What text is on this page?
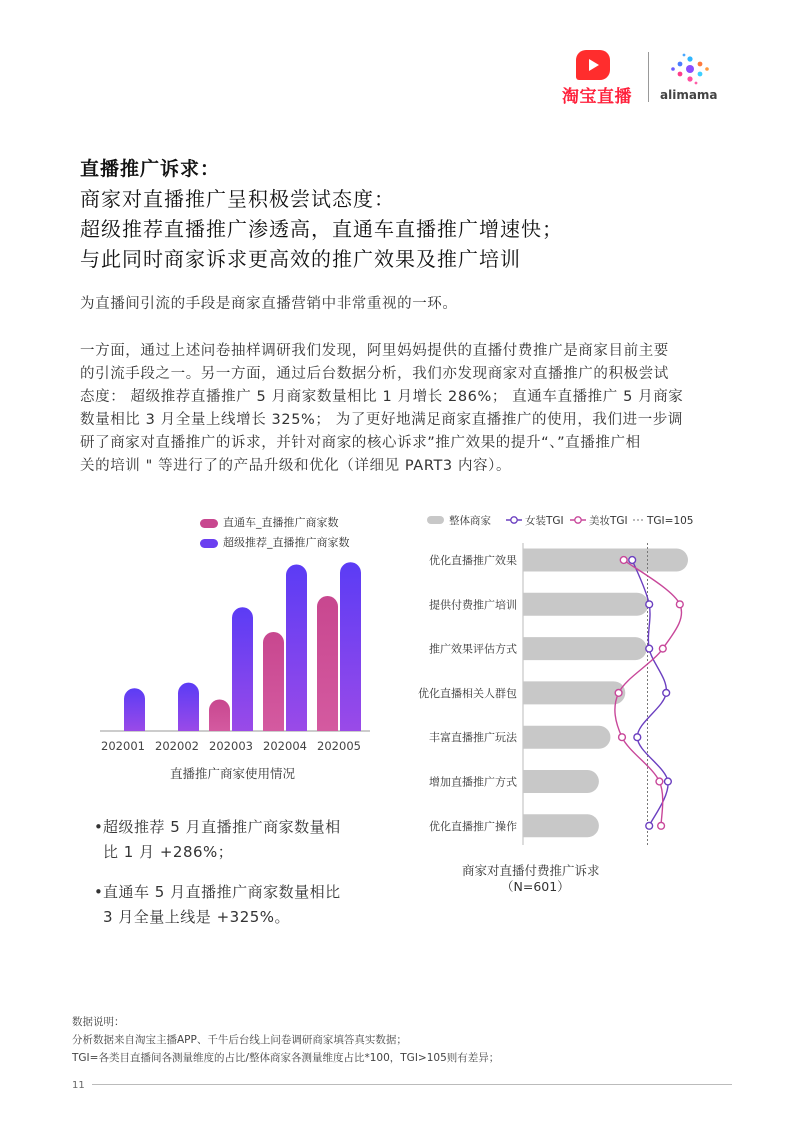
淘宝直播 alimama
直播推广诉求：
商家对直播推广呈积极尝试态度：
超级推荐直播推广渗透高，直通车直播推广增速快；
与此同时商家诉求更高效的推广效果及推广培训
为直播间引流的手段是商家直播营销中非常重视的一环。
一方面，通过上述问卷抽样调研我们发现，阿里妈妈提供的直播付费推广是商家目前主要
的引流手段之一。另一方面，通过后台数据分析，我们亦发现商家对直播推广的积极尝试
态度： 超级推荐直播推广 5 月商家数量相比 1 月增长 286%； 直通车直播推广 5 月商家
数量相比 3 月全量上线增长 325%； 为了更好地满足商家直播推广的使用，我们进一步调
研了商家对直播推广的诉求，并针对商家的核心诉求”推广效果的提升“、”直播推广相
关的培训 " 等进行了的产品升级和优化（详细见 PART3 内容）。
直通车_直播推广商家数
超级推荐_直播推广商家数
202001 202002 202003 202004 202005
直播推广商家使用情况
• 超级推荐 5 月直播推广商家数量相
比 1 月 +286%；
• 直通车 5 月直播推广商家数量相比
3 月全量上线是 +325%。
整体商家	女装TGI 美妆TGI TGI=105
优化直播推广效果
提供付费推广培训
推广效果评估方式
优化直播相关人群包
丰富直播推广玩法
增加直播推广方式
优化直播推广操作
商家对直播付费推广诉求
（N=601）
数据说明：
分析数据来自淘宝主播APP、千牛后台线上问卷调研商家填答真实数据；
TGI=各类目直播间各测量维度的占比/整体商家各测量维度占比*100，TGI>105则有差异；
11
